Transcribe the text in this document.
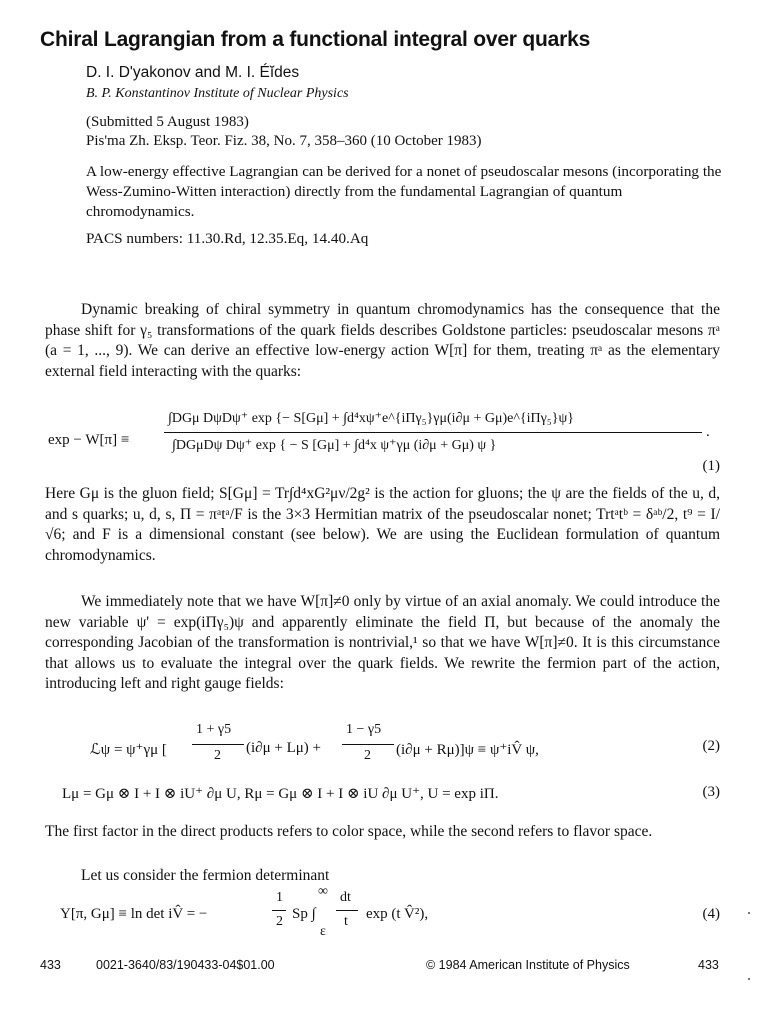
Chiral Lagrangian from a functional integral over quarks
D. I. D'yakonov and M. I. Éĭdes
B. P. Konstantinov Institute of Nuclear Physics
(Submitted 5 August 1983)
Pis'ma Zh. Eksp. Teor. Fiz. 38, No. 7, 358–360 (10 October 1983)
A low-energy effective Lagrangian can be derived for a nonet of pseudoscalar mesons (incorporating the Wess-Zumino-Witten interaction) directly from the fundamental Lagrangian of quantum chromodynamics.
PACS numbers: 11.30.Rd, 12.35.Eq, 14.40.Aq
Dynamic breaking of chiral symmetry in quantum chromodynamics has the consequence that the phase shift for γ₅ transformations of the quark fields describes Goldstone particles: pseudoscalar mesons πᵃ (a = 1, ..., 9). We can derive an effective low-energy action W[π] for them, treating πᵃ as the elementary external field interacting with the quarks:
exp − W[π] ≡
∫DGμ DψDψ⁺ exp {− S[Gμ] + ∫d⁴xψ⁺e^{iΠγ₅}γμ(i∂μ + Gμ)e^{iΠγ₅}ψ}
∫DGμDψ Dψ⁺ exp { − S [Gμ] + ∫d⁴x ψ⁺γμ (i∂μ + Gμ) ψ }
.
(1)
Here Gμ is the gluon field; S[Gμ] = Tr∫d⁴xG²μν/2g² is the action for gluons; the ψ are the fields of the u, d, and s quarks; u, d, s, Π = πᵃtᵃ/F is the 3×3 Hermitian matrix of the pseudoscalar nonet; Trtᵃtᵇ = δᵃᵇ/2, t⁹ = I/√6; and F is a dimensional constant (see below). We are using the Euclidean formulation of quantum chromodynamics.
We immediately note that we have W[π]≠0 only by virtue of an axial anomaly. We could introduce the new variable ψ' = exp(iΠγ₅)ψ and apparently eliminate the field Π, but because of the anomaly the corresponding Jacobian of the transformation is nontrivial,¹ so that we have W[π]≠0. It is this circumstance that allows us to evaluate the integral over the quark fields. We rewrite the fermion part of the action, introducing left and right gauge fields:
ℒψ = ψ⁺γμ [
1 + γ5
2 (i∂μ + Lμ) +
1 − γ5
2 (i∂μ + Rμ)]ψ ≡ ψ⁺iV̂ ψ,	(2)
Lμ = Gμ ⊗ I + I ⊗ iU⁺ ∂μ U, Rμ = Gμ ⊗ I + I ⊗ iU ∂μ U⁺, U = exp iΠ.	(3)
The first factor in the direct products refers to color space, while the second refers to flavor space.
Let us consider the fermion determinant
Y[π, Gμ] ≡ ln det iV̂ = −
1
2 Sp ∫
∞
ε
dt
t exp (t V̂²),	(4)
433	0021-3640/83/190433-04$01.00	© 1984 American Institute of Physics	433
